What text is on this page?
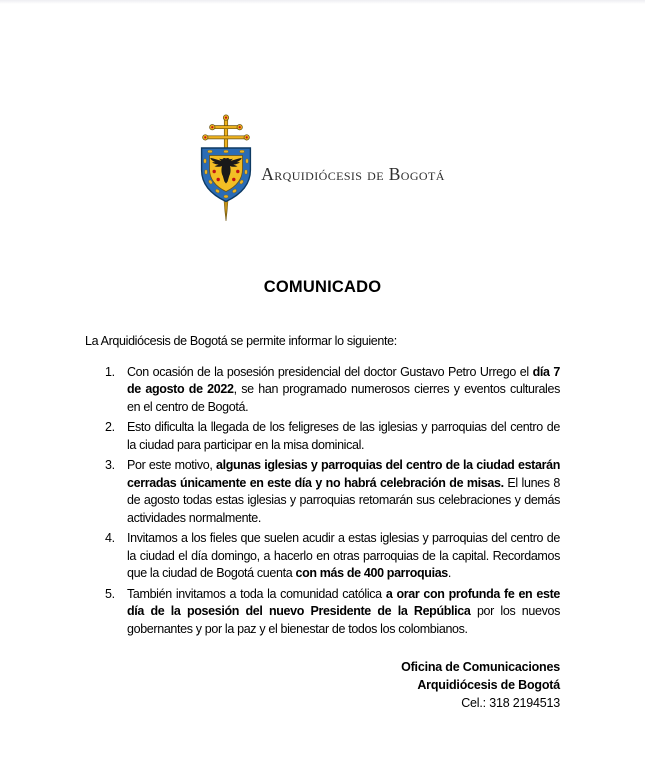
Arquidiócesis de Bogotá
COMUNICADO

La Arquidiócesis de Bogotá se permite informar lo siguiente:

1. Con ocasión de la posesión presidencial del doctor Gustavo Petro Urrego el día 7 de agosto de 2022, se han programado numerosos cierres y eventos culturales en el centro de Bogotá.
2. Esto dificulta la llegada de los feligreses de las iglesias y parroquias del centro de la ciudad para participar en la misa dominical.
3. Por este motivo, algunas iglesias y parroquias del centro de la ciudad estarán cerradas únicamente en este día y no habrá celebración de misas. El lunes 8 de agosto todas estas iglesias y parroquias retomarán sus celebraciones y demás actividades normalmente.
4. Invitamos a los fieles que suelen acudir a estas iglesias y parroquias del centro de la ciudad el día domingo, a hacerlo en otras parroquias de la capital. Recordamos que la ciudad de Bogotá cuenta con más de 400 parroquias.
5. También invitamos a toda la comunidad católica a orar con profunda fe en este día de la posesión del nuevo Presidente de la República por los nuevos gobernantes y por la paz y el bienestar de todos los colombianos.
Oficina de Comunicaciones
Arquidiócesis de Bogotá
Cel.: 318 2194513
